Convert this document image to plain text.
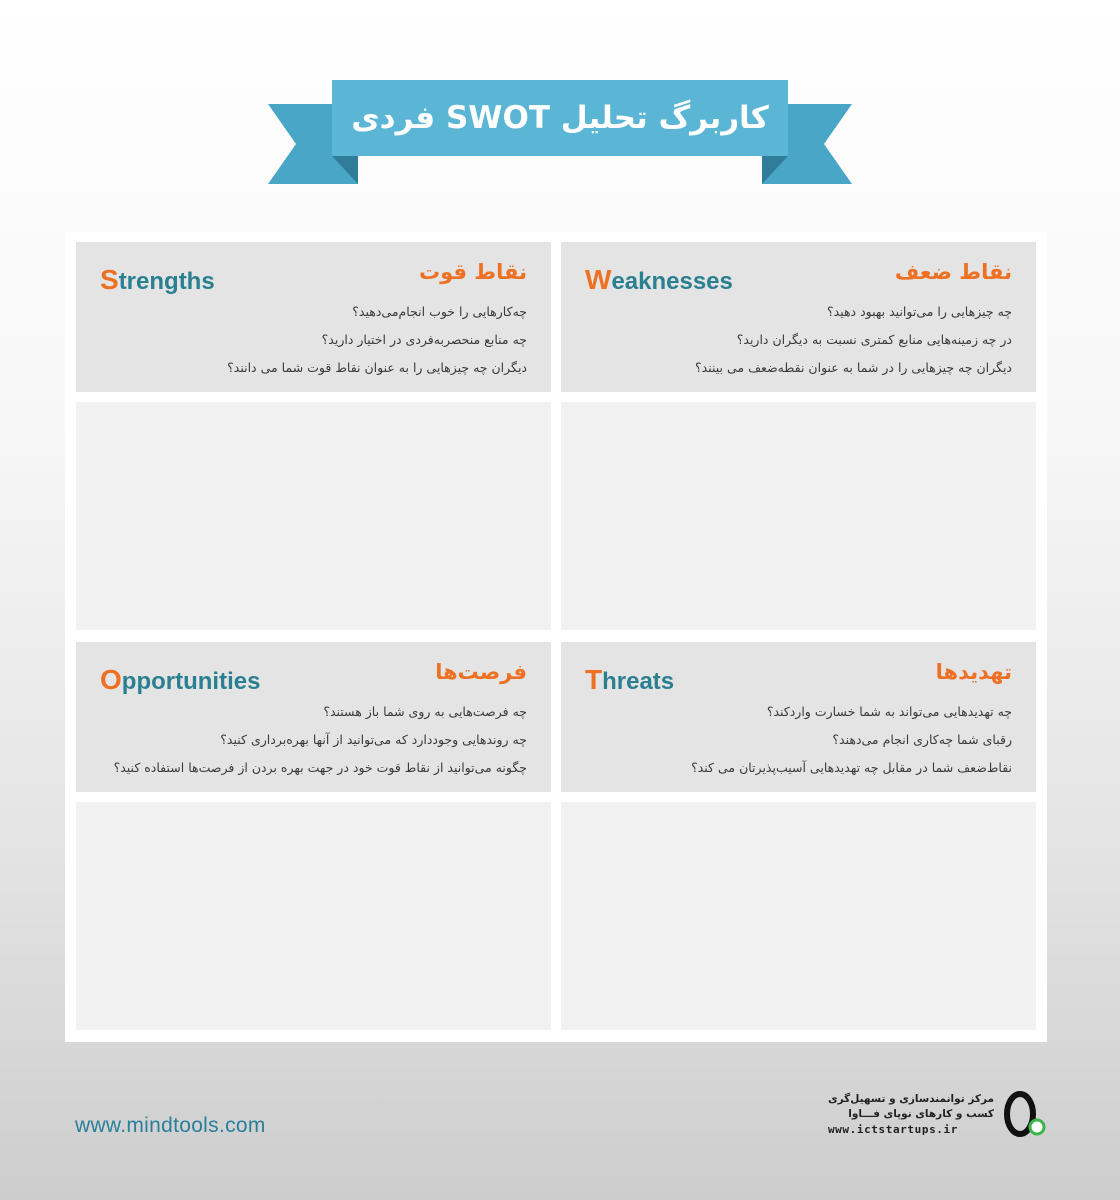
کاربرگ تحلیل SWOT فردی
Strengths	نقاط قوت
چه‌کارهایی را خوب انجام‌می‌دهید؟
چه منابع منحصربه‌فردی در اختیار دارید؟
دیگران چه چیزهایی را به عنوان نقاط قوت شما می دانند؟
Weaknesses	نقاط ضعف
چه چیزهایی را می‌توانید بهبود دهید؟
در چه زمینه‌هایی منابع کمتری نسبت به دیگران دارید؟
دیگران چه چیزهایی را در شما به عنوان نقطه‌ضعف می بینند؟
Opportunities	فرصت‌ها
چه فرصت‌هایی به روی شما باز هستند؟
چه روندهایی وجوددارد که می‌توانید از آنها بهره‌برداری کنید؟
چگونه می‌توانید از نقاط قوت خود در جهت بهره بردن از فرصت‌ها استفاده کنید؟
Threats	تهدیدها
چه تهدیدهایی می‌تواند به شما خسارت واردکند؟
رقبای شما چه‌کاری انجام می‌دهند؟
نقاط‌ضعف شما در مقابل چه تهدیدهایی آسیب‌پذیرتان می کند؟
www.mindtools.com
مرکز توانمندسازی و تسهیل‌گری
کسب و کارهای نوپای فـــاوا
www.ictstartups.ir
